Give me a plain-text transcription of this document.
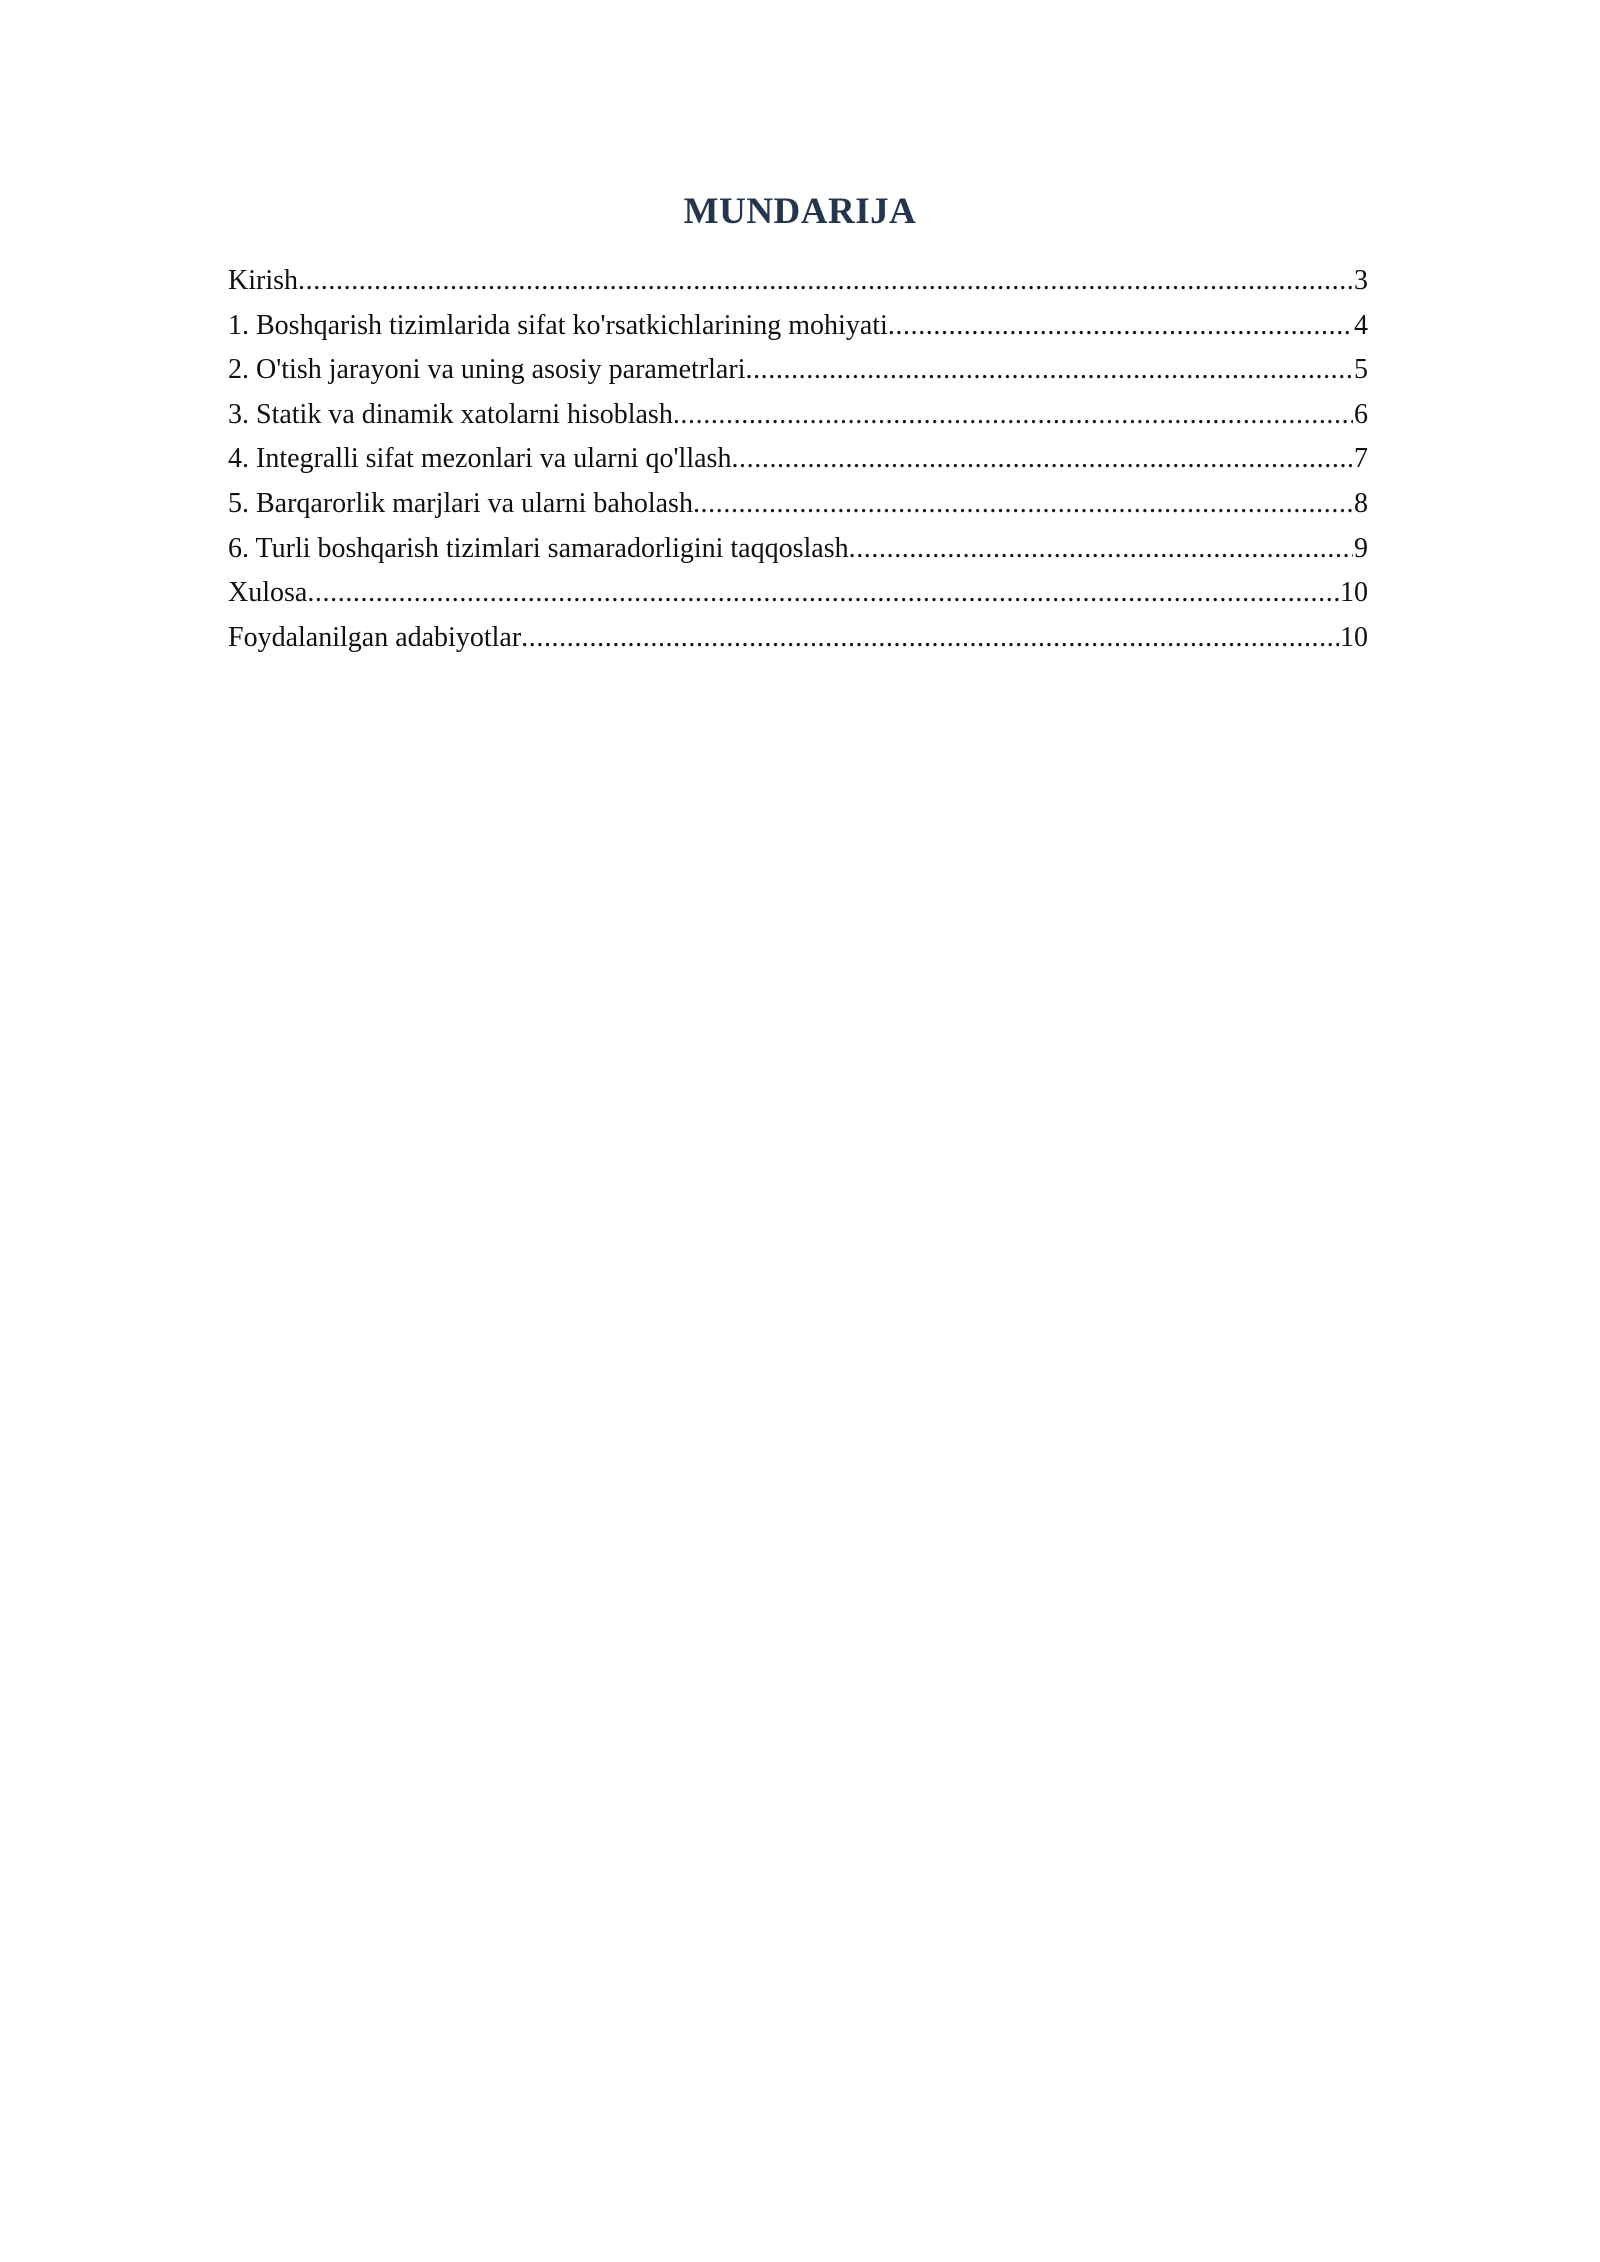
MUNDARIJA
Kirish .....	3
1. Boshqarish tizimlarida sifat ko'rsatkichlarining mohiyati .....	4
2. O'tish jarayoni va uning asosiy parametrlari .....	5
3. Statik va dinamik xatolarni hisoblash .....	6
4. Integralli sifat mezonlari va ularni qo'llash .....	7
5. Barqarorlik marjlari va ularni baholash .....	8
6. Turli boshqarish tizimlari samaradorligini taqqoslash .....	9
Xulosa .....	10
Foydalanilgan adabiyotlar .....	10
